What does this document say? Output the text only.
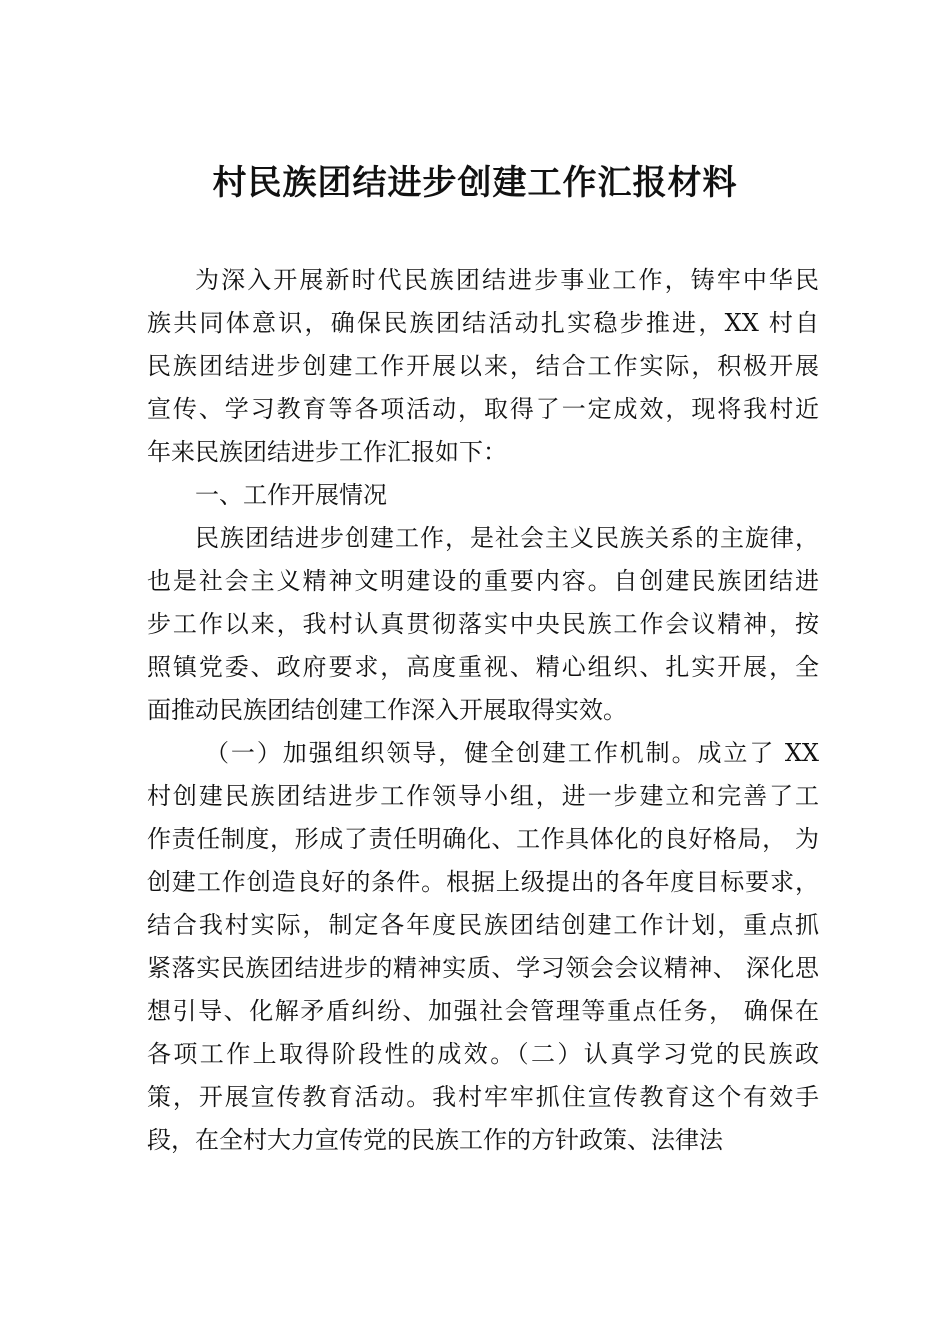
村民族团结进步创建工作汇报材料
为深入开展新时代民族团结进步事业工作，铸牢中华民
族共同体意识，确保民族团结活动扎实稳步推进，XX 村自
民族团结进步创建工作开展以来，结合工作实际，积极开展
宣传、学习教育等各项活动，取得了一定成效，现将我村近
年来民族团结进步工作汇报如下：
一、工作开展情况
民族团结进步创建工作，是社会主义民族关系的主旋律，
也是社会主义精神文明建设的重要内容。自创建民族团结进
步工作以来，我村认真贯彻落实中央民族工作会议精神，按
照镇党委、政府要求，高度重视、精心组织、扎实开展，全
面推动民族团结创建工作深入开展取得实效。
（一）加强组织领导，健全创建工作机制。成立了 XX
村创建民族团结进步工作领导小组，进一步建立和完善了工
作责任制度，形成了责任明确化、工作具体化的良好格局， 为
创建工作创造良好的条件。根据上级提出的各年度目标要求，
结合我村实际，制定各年度民族团结创建工作计划，重点抓
紧落实民族团结进步的精神实质、学习领会会议精神、 深化思
想引导、化解矛盾纠纷、加强社会管理等重点任务， 确保在
各项工作上取得阶段性的成效。（二）认真学习党的民族政
策，开展宣传教育活动。我村牢牢抓住宣传教育这个有效手
段，在全村大力宣传党的民族工作的方针政策、法律法
